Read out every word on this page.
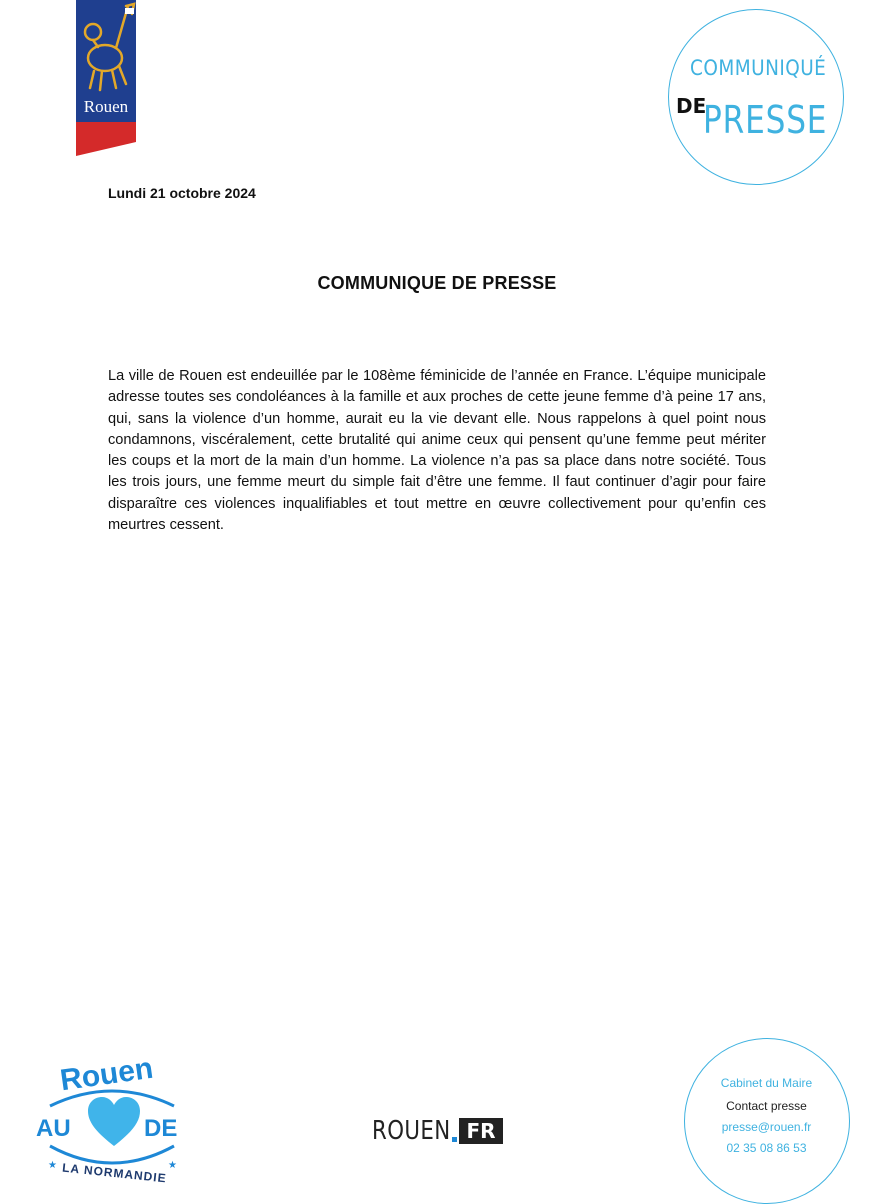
Rouen
COMMUNIQUÉ
DE
PRESSE
Lundi 21 octobre 2024
COMMUNIQUE DE PRESSE
La ville de Rouen est endeuillée par le 108ème féminicide de l’année en France. L’équipe municipale adresse toutes ses condoléances à la famille et aux proches de cette jeune femme d’à peine 17 ans, qui, sans la violence d’un homme, aurait eu la vie devant elle. Nous rappelons à quel point nous condamnons, viscéralement, cette brutalité qui anime ceux qui pensent qu’une femme peut mériter les coups et la mort de la main d’un homme. La violence n’a pas sa place dans notre société. Tous les trois jours, une femme meurt du simple fait d’être une femme. Il faut continuer d’agir pour faire disparaître ces violences inqualifiables et tout mettre en œuvre collectivement pour qu’enfin ces meurtres cessent.
Rouen
AU	DE
LA NORMANDIE
★	★
ROUEN FR
Cabinet du Maire
Contact presse
presse@rouen.fr
02 35 08 86 53
